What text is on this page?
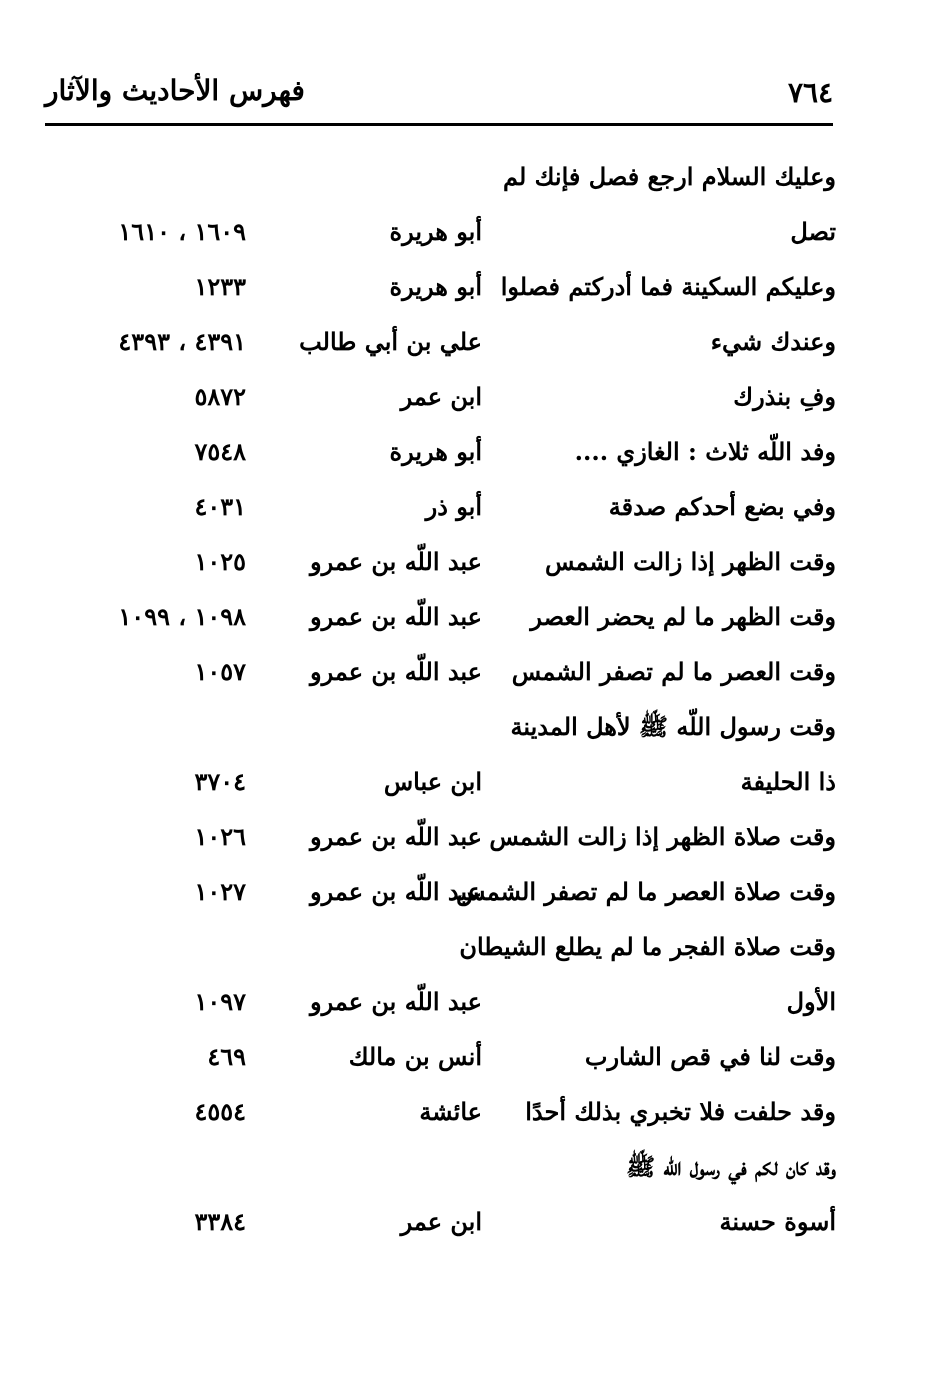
٧٦٤
فهرس الأحاديث والآثار
وعليك السلام ارجع فصل فإنك لم
تصل
أبو هريرة
١٦٠٩ ، ١٦١٠
وعليكم السكينة فما أدركتم فصلوا
أبو هريرة
١٢٣٣
وعندك شيء
علي بن أبي طالب
٤٣٩١ ، ٤٣٩٣
وفِ بنذرك
ابن عمر
٥٨٧٢
وفد اللّه ثلاث : الغازي ....
أبو هريرة
٧٥٤٨
وفي بضع أحدكم صدقة
أبو ذر
٤٠٣١
وقت الظهر إذا زالت الشمس
عبد اللّه بن عمرو
١٠٢٥
وقت الظهر ما لم يحضر العصر
عبد اللّه بن عمرو
١٠٩٨ ، ١٠٩٩
وقت العصر ما لم تصفر الشمس
عبد اللّه بن عمرو
١٠٥٧
وقت رسول اللّه ﷺ لأهل المدينة
ذا الحليفة
ابن عباس
٣٧٠٤
وقت صلاة الظهر إذا زالت الشمس
عبد اللّه بن عمرو
١٠٢٦
وقت صلاة العصر ما لم تصفر الشمس
عبد اللّه بن عمرو
١٠٢٧
وقت صلاة الفجر ما لم يطلع الشيطان
الأول
عبد اللّه بن عمرو
١٠٩٧
وقت لنا في قص الشارب
أنس بن مالك
٤٦٩
وقد حلفت فلا تخبري بذلك أحدًا
عائشة
٤٥٥٤
وقد كان لكم في رسول اللّه ﷺ
أسوة حسنة
ابن عمر
٣٣٨٤
